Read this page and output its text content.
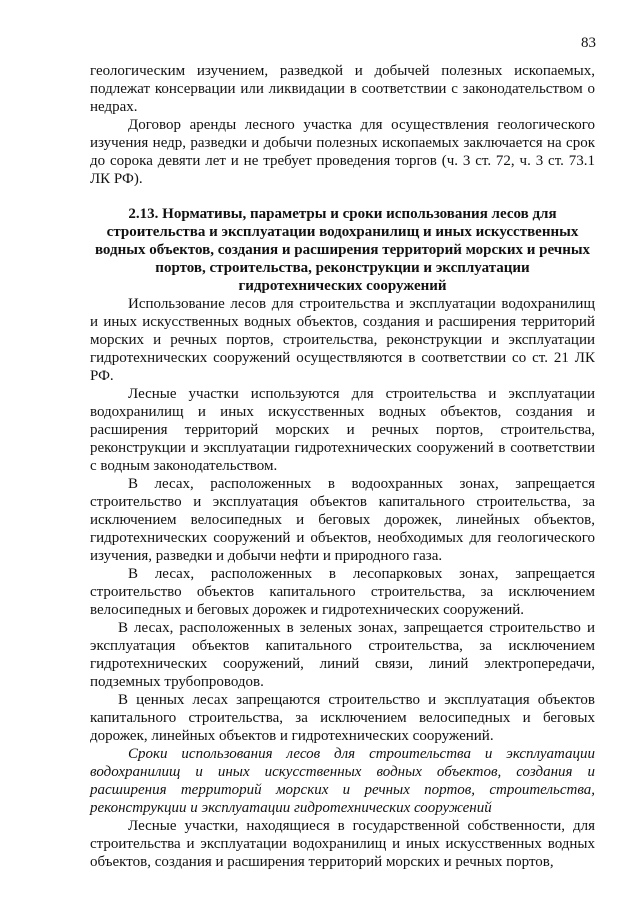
83

геологическим изучением, разведкой и добычей полезных ископаемых, подлежат консервации или ликвидации в соответствии с законодательством о недрах.

Договор аренды лесного участка для осуществления геологического изучения недр, разведки и добычи полезных ископаемых заключается на срок до сорока девяти лет и не требует проведения торгов (ч. 3 ст. 72, ч. 3 ст. 73.1 ЛК РФ).

2.13. Нормативы, параметры и сроки использования лесов для строительства и эксплуатации водохранилищ и иных искусственных водных объектов, создания и расширения территорий морских и речных портов, строительства, реконструкции и эксплуатации гидротехнических сооружений

Использование лесов для строительства и эксплуатации водохранилищ и иных искусственных водных объектов, создания и расширения территорий морских и речных портов, строительства, реконструкции и эксплуатации гидротехнических сооружений осуществляются в соответствии со ст. 21 ЛК РФ.

Лесные участки используются для строительства и эксплуатации водохранилищ и иных искусственных водных объектов, создания и расширения территорий морских и речных портов, строительства, реконструкции и эксплуатации гидротехнических сооружений в соответствии с водным законодательством.

В лесах, расположенных в водоохранных зонах, запрещается строительство и эксплуатация объектов капитального строительства, за исключением велосипедных и беговых дорожек, линейных объектов, гидротехнических сооружений и объектов, необходимых для геологического изучения, разведки и добычи нефти и природного газа.

В лесах, расположенных в лесопарковых зонах, запрещается строительство объектов капитального строительства, за исключением велосипедных и беговых дорожек и гидротехнических сооружений.

В лесах, расположенных в зеленых зонах, запрещается строительство и эксплуатация объектов капитального строительства, за исключением гидротехнических сооружений, линий связи, линий электропередачи, подземных трубопроводов.

В ценных лесах запрещаются строительство и эксплуатация объектов капитального строительства, за исключением велосипедных и беговых дорожек, линейных объектов и гидротехнических сооружений.

Сроки использования лесов для строительства и эксплуатации водохранилищ и иных искусственных водных объектов, создания и расширения территорий морских и речных портов, строительства, реконструкции и эксплуатации гидротехнических сооружений

Лесные участки, находящиеся в государственной собственности, для строительства и эксплуатации водохранилищ и иных искусственных водных объектов, создания и расширения территорий морских и речных портов,
